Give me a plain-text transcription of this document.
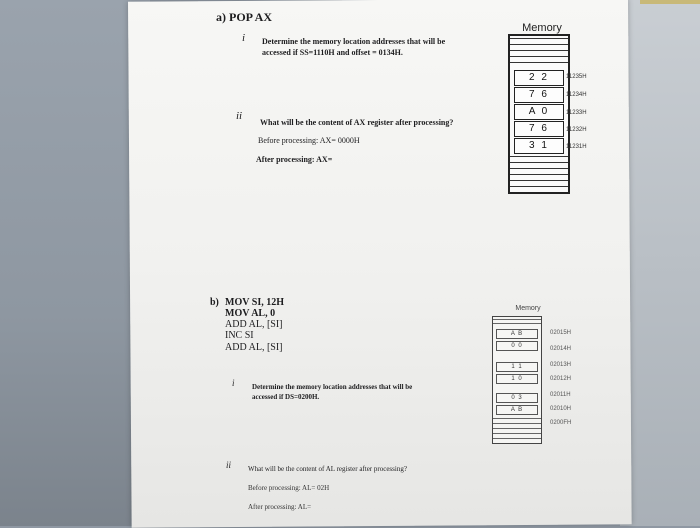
a) POP AX
i Determine the memory location addresses that will be
accessed if SS=1110H and offset = 0134H.
ii
What will be the content of AX register after processing?
Before processing: AX= 0000H
After processing: AX=
Memory
2 2
7 6
A 0
7 6
3 1
11235H
11234H
11233H
11232H
11231H
b) MOV SI, 12H
MOV AL, 0
ADD AL, [SI]
INC SI
ADD AL, [SI]
i Determine the memory location addresses that will be
accessed if DS=0200H.
ii What will be the content of AL register after processing?
Before processing: AL= 02H
After processing: AL=
Memory
A B
0 0
1 1
1 0
0 3
A B
02015H
02014H
02013H
02012H
02011H
02010H
0200FH
